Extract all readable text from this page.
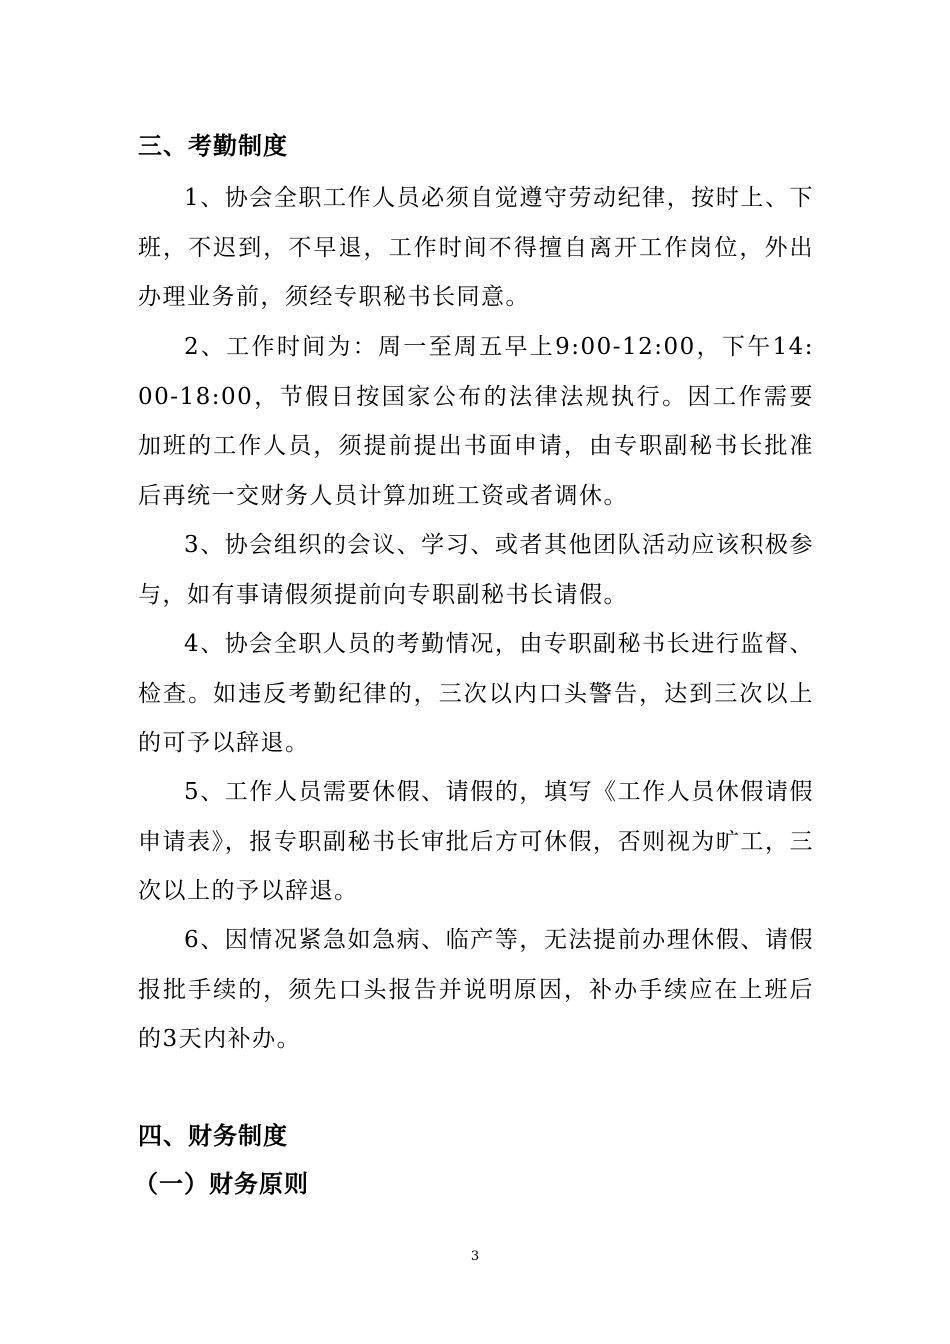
三、考勤制度
1、协会全职工作人员必须自觉遵守劳动纪律，按时上、下班，不迟到，不早退，工作时间不得擅自离开工作岗位，外出办理业务前，须经专职秘书长同意。
2、工作时间为：周一至周五早上9:00-12:00，下午14:00-18:00，节假日按国家公布的法律法规执行。因工作需要加班的工作人员，须提前提出书面申请，由专职副秘书长批准后再统一交财务人员计算加班工资或者调休。
3、协会组织的会议、学习、或者其他团队活动应该积极参与，如有事请假须提前向专职副秘书长请假。
4、协会全职人员的考勤情况，由专职副秘书长进行监督、检查。如违反考勤纪律的，三次以内口头警告，达到三次以上的可予以辞退。
5、工作人员需要休假、请假的，填写《工作人员休假请假申请表》，报专职副秘书长审批后方可休假，否则视为旷工，三次以上的予以辞退。
6、因情况紧急如急病、临产等，无法提前办理休假、请假报批手续的，须先口头报告并说明原因，补办手续应在上班后的3天内补办。
四、财务制度
（一）财务原则
3
